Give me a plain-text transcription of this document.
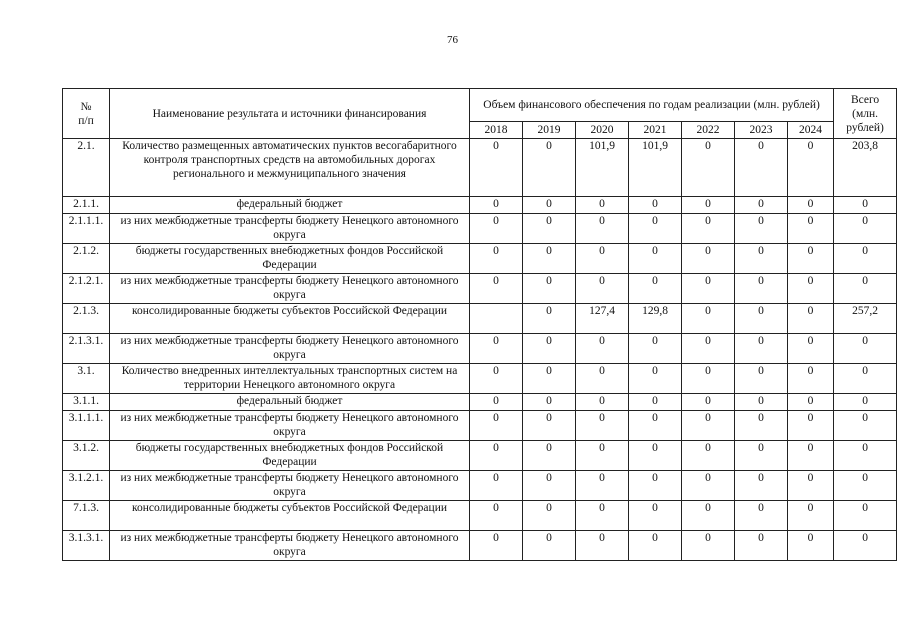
76
№
п/п	Наименование результата и источники финансирования	Объем финансового обеспечения по годам реализации (млн. рублей)							Всего
(млн.
рублей)
		2018	2019	2020	2021	2022	2023	2024	
2.1.	Количество размещенных автоматических пунктов весогабаритного контроля транспортных средств на автомобильных дорогах регионального и межмуниципального значения	0	0	101,9	101,9	0	0	0	203,8
2.1.1.	федеральный бюджет	0	0	0	0	0	0	0	0
2.1.1.1.	из них межбюджетные трансферты бюджету Ненецкого автономного округа	0	0	0	0	0	0	0	0
2.1.2.	бюджеты государственных внебюджетных фондов Российской Федерации	0	0	0	0	0	0	0	0
2.1.2.1.	из них межбюджетные трансферты бюджету Ненецкого автономного округа	0	0	0	0	0	0	0	0
2.1.3.	консолидированные бюджеты субъектов Российской Федерации		0	127,4	129,8	0	0	0	257,2
2.1.3.1.	из них межбюджетные трансферты бюджету Ненецкого автономного округа	0	0	0	0	0	0	0	0
3.1.	Количество внедренных интеллектуальных транспортных систем на территории Ненецкого автономного округа	0	0	0	0	0	0	0	0
3.1.1.	федеральный бюджет	0	0	0	0	0	0	0	0
3.1.1.1.	из них межбюджетные трансферты бюджету Ненецкого автономного округа	0	0	0	0	0	0	0	0
3.1.2.	бюджеты государственных внебюджетных фондов Российской Федерации	0	0	0	0	0	0	0	0
3.1.2.1.	из них межбюджетные трансферты бюджету Ненецкого автономного округа	0	0	0	0	0	0	0	0
7.1.3.	консолидированные бюджеты субъектов Российской Федерации	0	0	0	0	0	0	0	0
3.1.3.1.	из них межбюджетные трансферты бюджету Ненецкого автономного округа	0	0	0	0	0	0	0	0
